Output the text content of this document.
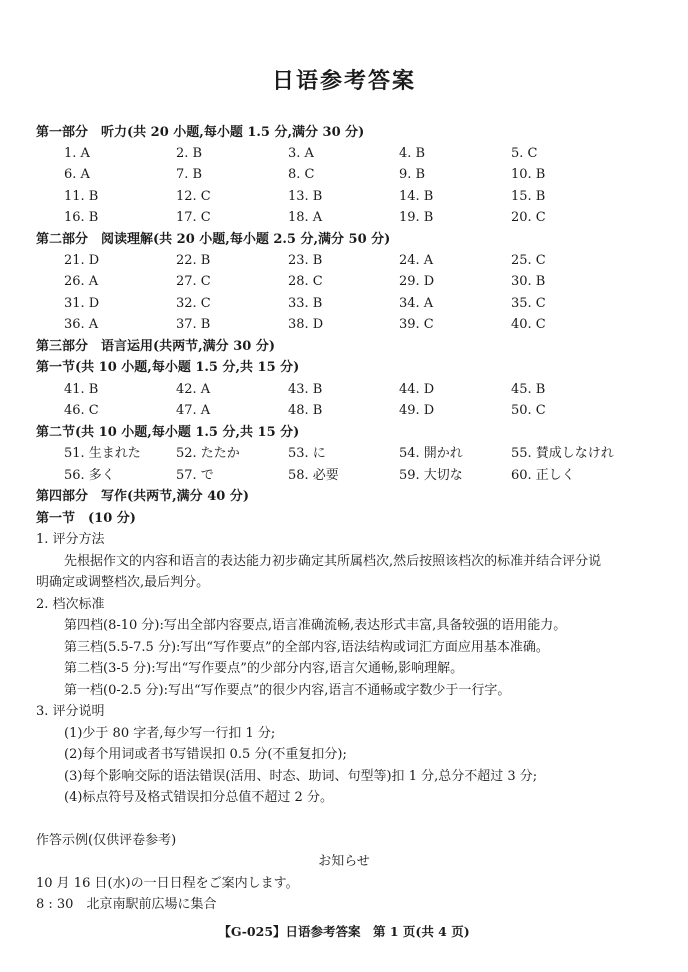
日语参考答案
第一部分　听力(共 20 小题,每小题 1.5 分,满分 30 分)
1. A	2. B	3. A	4. B	5. C
6. A	7. B	8. C	9. B	10. B
11. B	12. C	13. B	14. B	15. B
16. B	17. C	18. A	19. B	20. C
第二部分　阅读理解(共 20 小题,每小题 2.5 分,满分 50 分)
21. D	22. B	23. B	24. A	25. C
26. A	27. C	28. C	29. D	30. B
31. D	32. C	33. B	34. A	35. C
36. A	37. B	38. D	39. C	40. C
第三部分　语言运用(共两节,满分 30 分)
第一节(共 10 小题,每小题 1.5 分,共 15 分)
41. B	42. A	43. B	44. D	45. B
46. C	47. A	48. B	49. D	50. C
第二节(共 10 小题,每小题 1.5 分,共 15 分)
51. 生まれた	52. たたか	53. に	54. 開かれ	55. 賛成しなけれ
56. 多く	57. で	58. 必要	59. 大切な	60. 正しく
第四部分　写作(共两节,满分 40 分)
第一节　(10 分)
1. 评分方法
先根据作文的内容和语言的表达能力初步确定其所属档次,然后按照该档次的标准并结合评分说
明确定或调整档次,最后判分。
2. 档次标准
第四档(8-10 分):写出全部内容要点,语言准确流畅,表达形式丰富,具备较强的语用能力。
第三档(5.5-7.5 分):写出“写作要点”的全部内容,语法结构或词汇方面应用基本准确。
第二档(3-5 分):写出“写作要点”的少部分内容,语言欠通畅,影响理解。
第一档(0-2.5 分):写出“写作要点”的很少内容,语言不通畅或字数少于一行字。
3. 评分说明
(1)少于 80 字者,每少写一行扣 1 分;
(2)每个用词或者书写错误扣 0.5 分(不重复扣分);
(3)每个影响交际的语法错误(活用、时态、助词、句型等)扣 1 分,总分不超过 3 分;
(4)标点符号及格式错误扣分总值不超过 2 分。
作答示例(仅供评卷参考)
お知らせ
10 月 16 日(水)の一日日程をご案内します。
8 : 30　北京南駅前広場に集合
【G-025】日语参考答案　第 1 页(共 4 页)
